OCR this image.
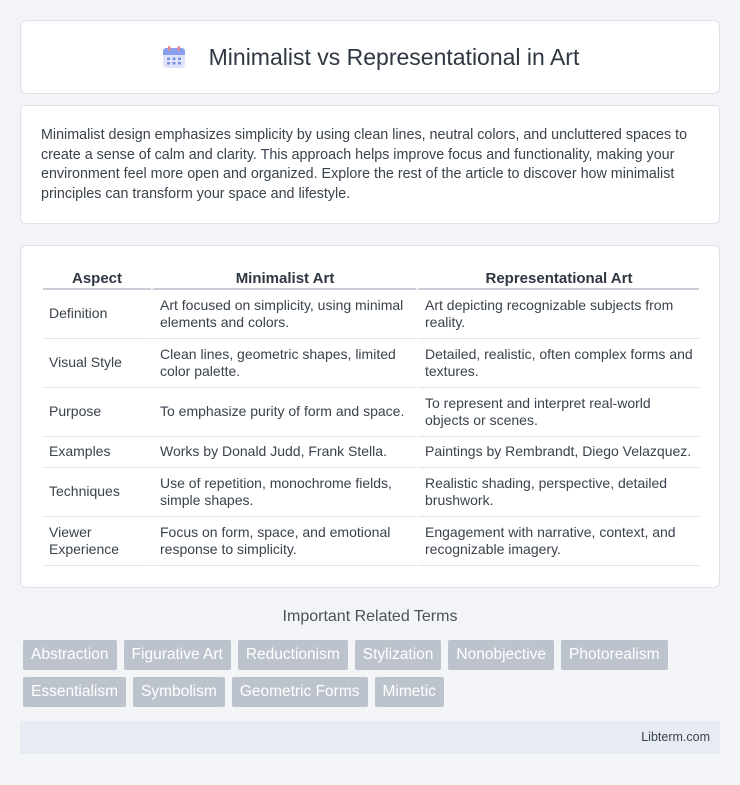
Minimalist vs Representational in Art

Minimalist design emphasizes simplicity by using clean lines, neutral colors, and uncluttered spaces to create a sense of calm and clarity. This approach helps improve focus and functionality, making your environment feel more open and organized. Explore the rest of the article to discover how minimalist principles can transform your space and lifestyle.

Aspect	Minimalist Art	Representational Art
Definition	Art focused on simplicity, using minimal elements and colors.	Art depicting recognizable subjects from reality.
Visual Style	Clean lines, geometric shapes, limited color palette.	Detailed, realistic, often complex forms and textures.
Purpose	To emphasize purity of form and space.	To represent and interpret real-world objects or scenes.
Examples	Works by Donald Judd, Frank Stella.	Paintings by Rembrandt, Diego Velazquez.
Techniques	Use of repetition, monochrome fields, simple shapes.	Realistic shading, perspective, detailed brushwork.
Viewer Experience	Focus on form, space, and emotional response to simplicity.	Engagement with narrative, context, and recognizable imagery.
Important Related Terms
Abstraction	Figurative Art	Reductionism	Stylization	Nonobjective	Photorealism
Essentialism	Symbolism	Geometric Forms	Mimetic
Libterm.com
